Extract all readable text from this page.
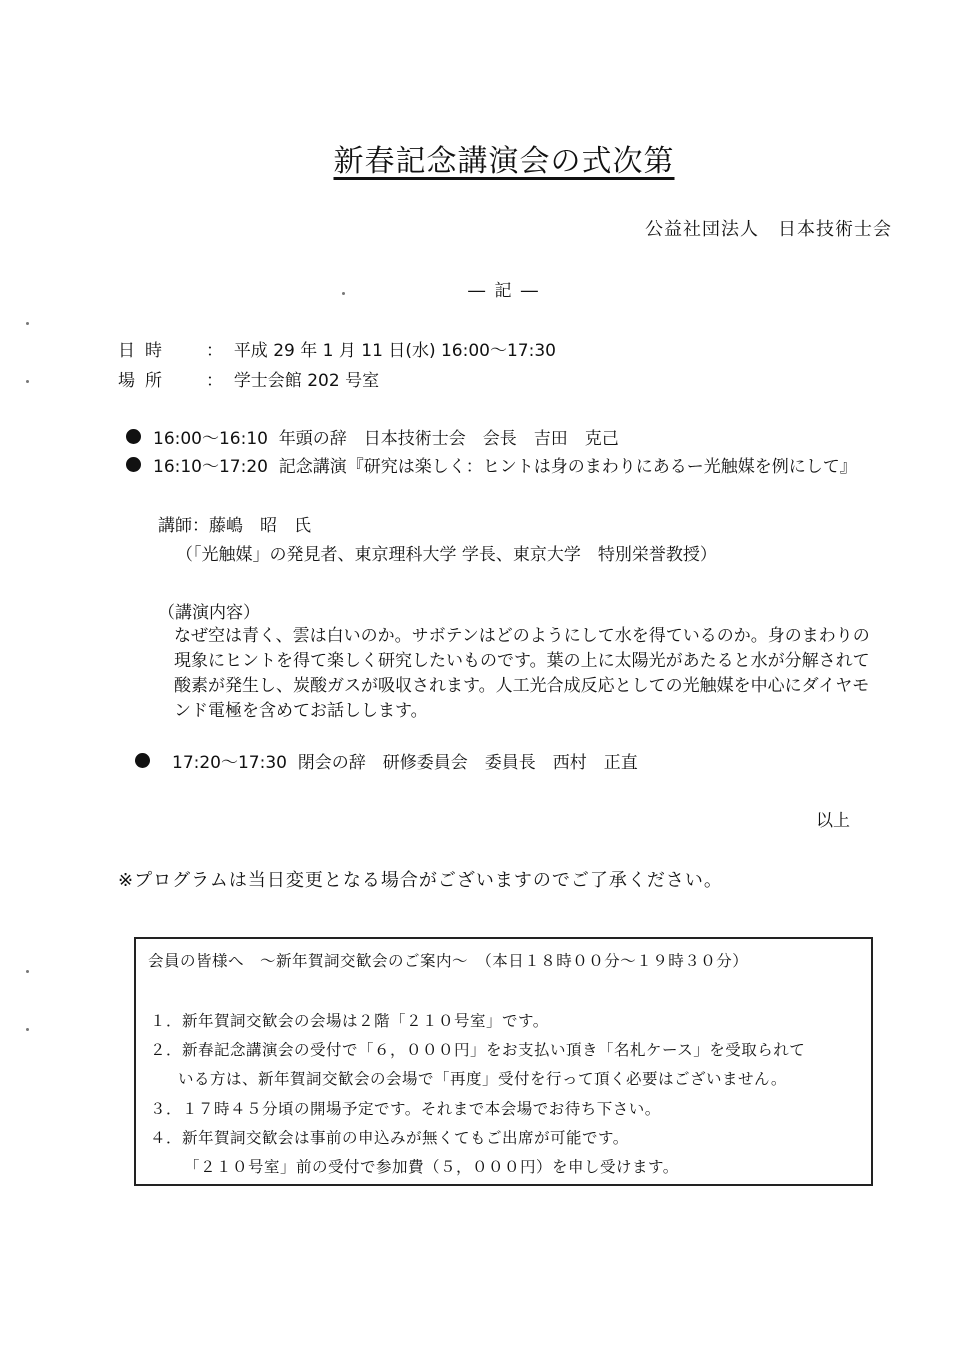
新春記念講演会の式次第
公益社団法人　日本技術士会
― 記 ―
日時 ： 平成 29 年 1 月 11 日(水) 16:00〜17:30
場所 ： 学士会館 202 号室
16:00〜16:10 年頭の辞　日本技術士会　会長　吉田　克己
16:10〜17:20 記念講演『研究は楽しく：ヒントは身のまわりにあるー光触媒を例にして』
講師：藤嶋　昭　氏
（「光触媒」の発見者、東京理科大学 学長、東京大学　特別栄誉教授）
（講演内容）
なぜ空は青く、雲は白いのか。サボテンはどのようにして水を得ているのか。身のまわりの現象にヒントを得て楽しく研究したいものです。葉の上に太陽光があたると水が分解されて酸素が発生し、炭酸ガスが吸収されます。人工光合成反応としての光触媒を中心にダイヤモンド電極を含めてお話しします。
17:20〜17:30 閉会の辞　研修委員会　委員長　西村　正直
以上
※プログラムは当日変更となる場合がございますのでご了承ください。
会員の皆様へ　～新年賀詞交歓会のご案内～　（本日１８時００分～１９時３０分）
１．新年賀詞交歓会の会場は２階「２１０号室」です。
２．新春記念講演会の受付で「６，０００円」をお支払い頂き「名札ケース」を受取られて
いる方は、新年賀詞交歓会の会場で「再度」受付を行って頂く必要はございません。
３．１７時４５分頃の開場予定です。それまで本会場でお待ち下さい。
４．新年賀詞交歓会は事前の申込みが無くてもご出席が可能です。
「２１０号室」前の受付で参加費（５，０００円）を申し受けます。
